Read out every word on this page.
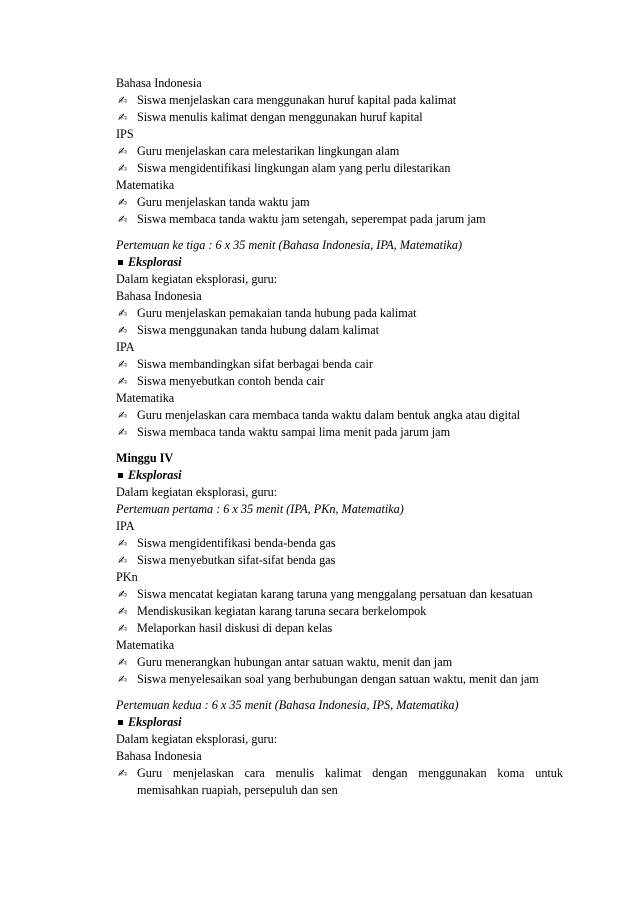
Bahasa Indonesia
✍ Siswa menjelaskan cara menggunakan huruf kapital pada kalimat
✍ Siswa menulis kalimat dengan menggunakan huruf kapital
IPS
✍ Guru menjelaskan cara melestarikan lingkungan alam
✍ Siswa mengidentifikasi lingkungan alam yang perlu dilestarikan
Matematika
✍ Guru menjelaskan tanda waktu jam
✍ Siswa membaca tanda waktu jam setengah, seperempat pada jarum jam
Pertemuan ke tiga : 6 x 35 menit (Bahasa Indonesia, IPA, Matematika)
Eksplorasi
Dalam kegiatan eksplorasi, guru:
Bahasa Indonesia
✍ Guru menjelaskan pemakaian tanda hubung pada kalimat
✍ Siswa menggunakan tanda hubung dalam kalimat
IPA
✍ Siswa membandingkan sifat berbagai benda cair
✍ Siswa menyebutkan contoh benda cair
Matematika
✍ Guru menjelaskan cara membaca tanda waktu dalam bentuk angka atau digital
✍ Siswa membaca tanda waktu sampai lima menit pada jarum jam
Minggu IV
Eksplorasi
Dalam kegiatan eksplorasi, guru:
Pertemuan pertama : 6 x 35 menit (IPA, PKn, Matematika)
IPA
✍ Siswa mengidentifikasi benda-benda gas
✍ Siswa menyebutkan sifat-sifat benda gas
PKn
✍ Siswa mencatat kegiatan karang taruna yang menggalang persatuan dan kesatuan
✍ Mendiskusikan kegiatan karang taruna secara berkelompok
✍ Melaporkan hasil diskusi di depan kelas
Matematika
✍ Guru menerangkan hubungan antar satuan waktu, menit dan jam
✍ Siswa menyelesaikan soal yang berhubungan dengan satuan waktu, menit dan jam
Pertemuan kedua : 6 x 35 menit (Bahasa Indonesia, IPS, Matematika)
Eksplorasi
Dalam kegiatan eksplorasi, guru:
Bahasa Indonesia
✍ Guru menjelaskan cara menulis kalimat dengan menggunakan koma untuk
memisahkan ruapiah, persepuluh dan sen
